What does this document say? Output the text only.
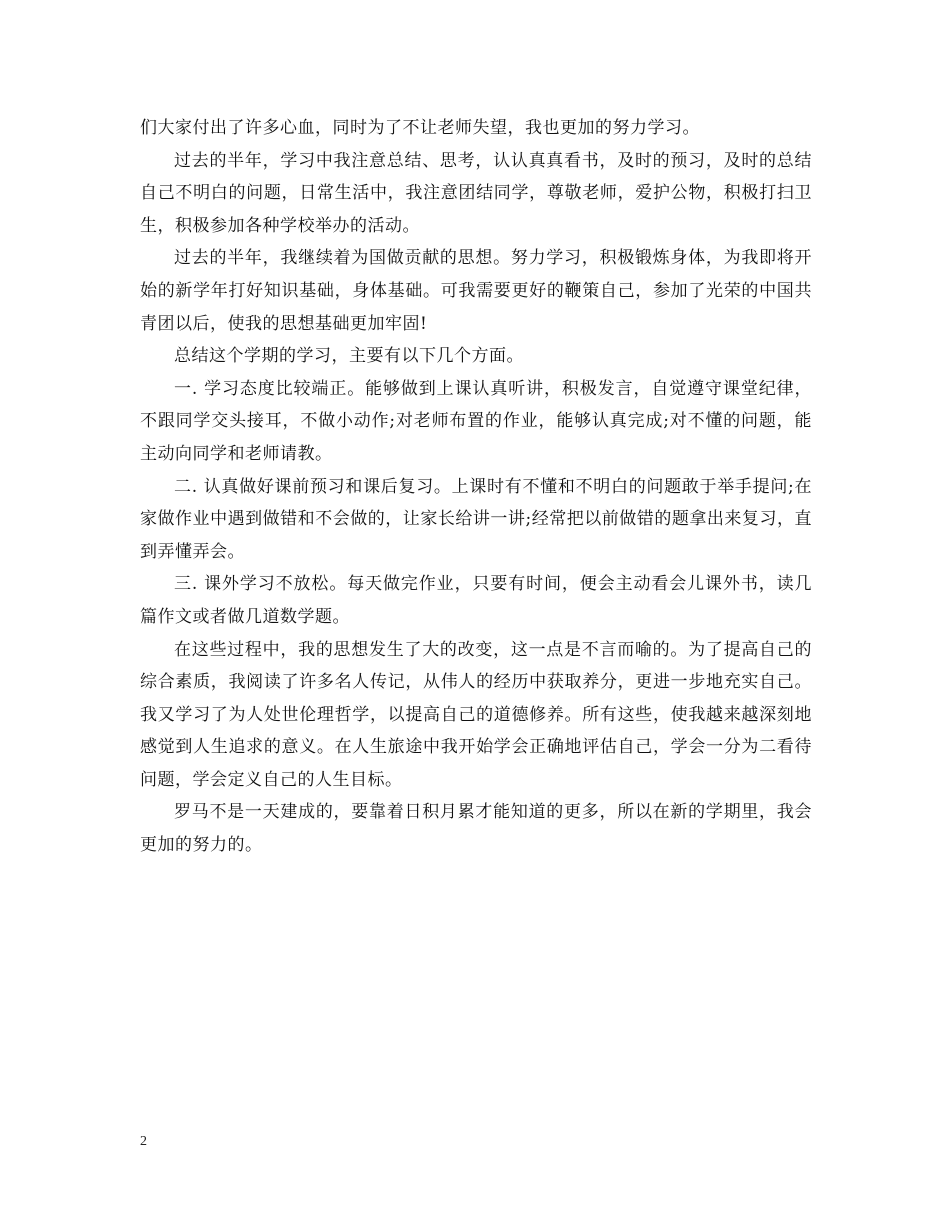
们大家付出了许多心血，同时为了不让老师失望，我也更加的努力学习。

过去的半年，学习中我注意总结、思考，认认真真看书，及时的预习，及时的总结自己不明白的问题，日常生活中，我注意团结同学，尊敬老师，爱护公物，积极打扫卫生，积极参加各种学校举办的活动。

过去的半年，我继续着为国做贡献的思想。努力学习，积极锻炼身体，为我即将开始的新学年打好知识基础，身体基础。可我需要更好的鞭策自己，参加了光荣的中国共青团以后，使我的思想基础更加牢固!

总结这个学期的学习，主要有以下几个方面。

一. 学习态度比较端正。能够做到上课认真听讲，积极发言，自觉遵守课堂纪律，不跟同学交头接耳，不做小动作;对老师布置的作业，能够认真完成;对不懂的问题，能主动向同学和老师请教。

二. 认真做好课前预习和课后复习。上课时有不懂和不明白的问题敢于举手提问;在家做作业中遇到做错和不会做的，让家长给讲一讲;经常把以前做错的题拿出来复习，直到弄懂弄会。

三. 课外学习不放松。每天做完作业，只要有时间，便会主动看会儿课外书，读几篇作文或者做几道数学题。

在这些过程中，我的思想发生了大的改变，这一点是不言而喻的。为了提高自己的综合素质，我阅读了许多名人传记，从伟人的经历中获取养分，更进一步地充实自己。我又学习了为人处世伦理哲学，以提高自己的道德修养。所有这些，使我越来越深刻地感觉到人生追求的意义。在人生旅途中我开始学会正确地评估自己，学会一分为二看待问题，学会定义自己的人生目标。

罗马不是一天建成的，要靠着日积月累才能知道的更多，所以在新的学期里，我会更加的努力的。

2
